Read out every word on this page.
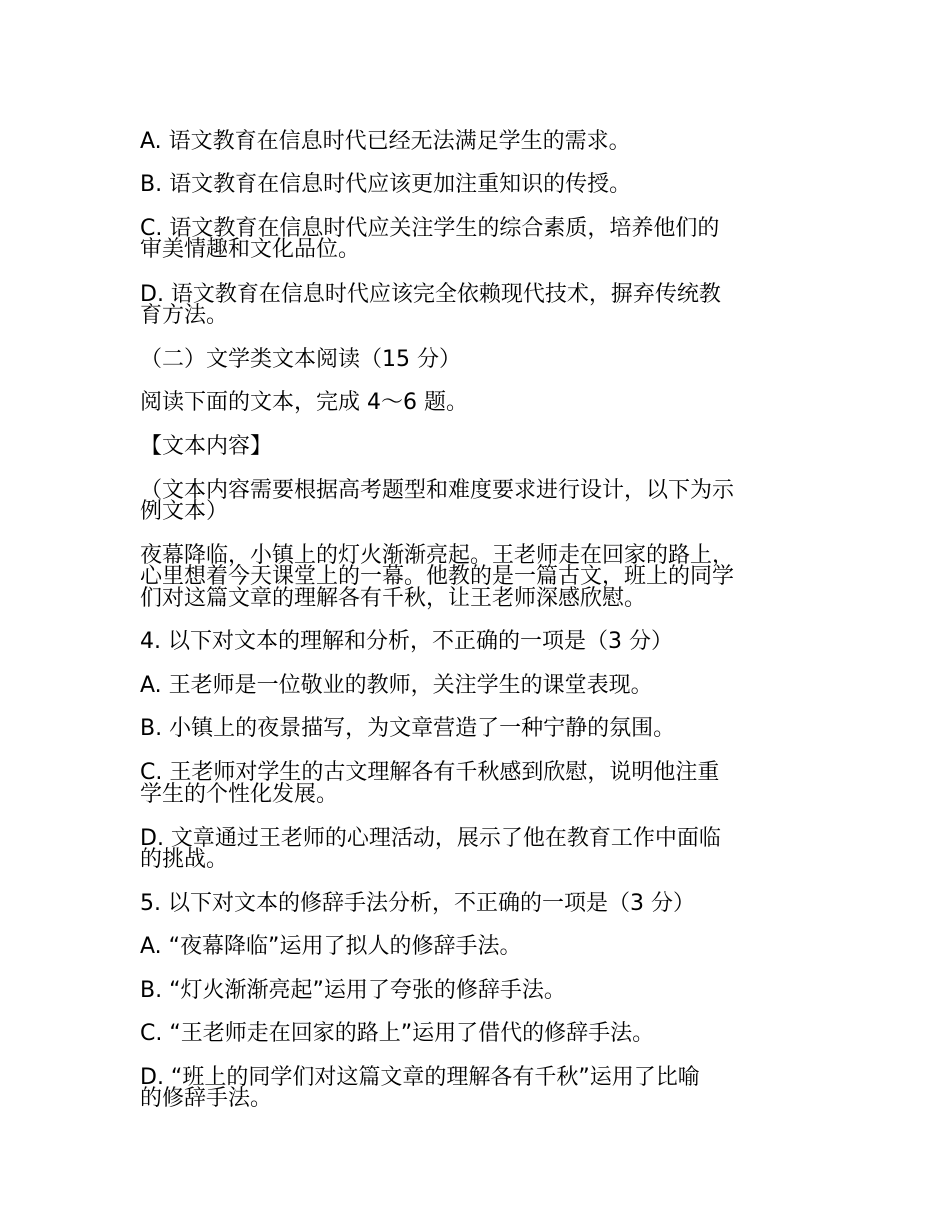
A. 语文教育在信息时代已经无法满足学生的需求。
B. 语文教育在信息时代应该更加注重知识的传授。
C. 语文教育在信息时代应关注学生的综合素质，培养他们的
审美情趣和文化品位。
D. 语文教育在信息时代应该完全依赖现代技术，摒弃传统教
育方法。
（二）文学类文本阅读（15 分）
阅读下面的文本，完成 4～6 题。
【文本内容】
（文本内容需要根据高考题型和难度要求进行设计，以下为示
例文本）
夜幕降临，小镇上的灯火渐渐亮起。王老师走在回家的路上，
心里想着今天课堂上的一幕。他教的是一篇古文，班上的同学
们对这篇文章的理解各有千秋，让王老师深感欣慰。
4. 以下对文本的理解和分析，不正确的一项是（3 分）
A. 王老师是一位敬业的教师，关注学生的课堂表现。
B. 小镇上的夜景描写，为文章营造了一种宁静的氛围。
C. 王老师对学生的古文理解各有千秋感到欣慰，说明他注重
学生的个性化发展。
D. 文章通过王老师的心理活动，展示了他在教育工作中面临
的挑战。
5. 以下对文本的修辞手法分析，不正确的一项是（3 分）
A. “夜幕降临”运用了拟人的修辞手法。
B. “灯火渐渐亮起”运用了夸张的修辞手法。
C. “王老师走在回家的路上”运用了借代的修辞手法。
D. “班上的同学们对这篇文章的理解各有千秋”运用了比喻
的修辞手法。
